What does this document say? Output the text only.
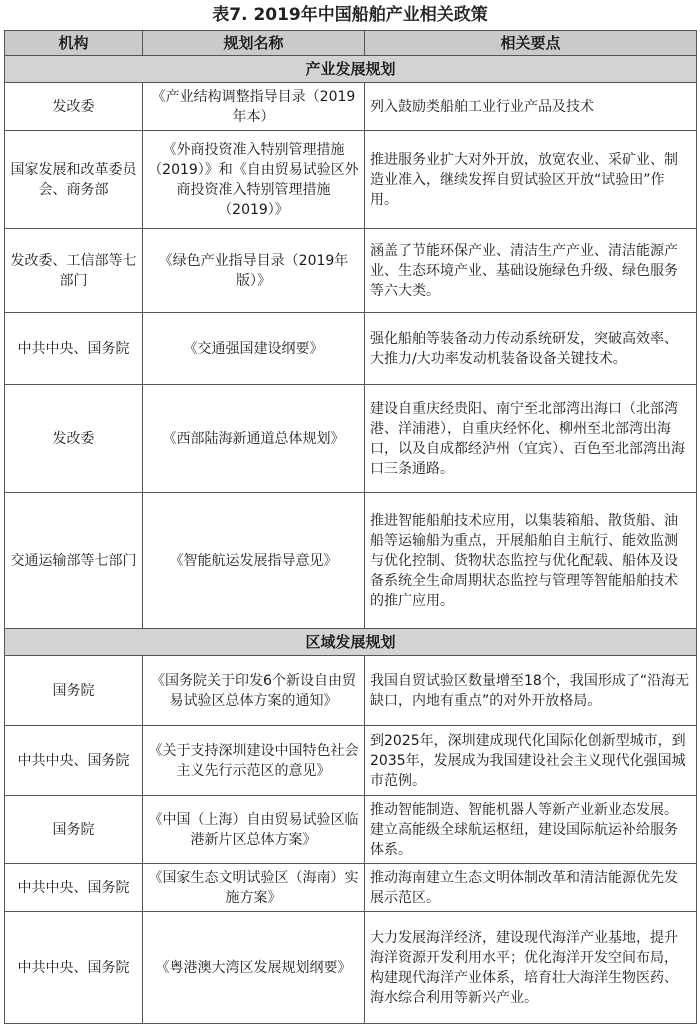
表7. 2019年中国船舶产业相关政策
机构	规划名称	相关要点
产业发展规划		
发改委	《产业结构调整指导目录（2019年本）	列入鼓励类船舶工业行业产品及技术
国家发展和改革委员会、商务部	《外商投资准入特别管理措施（2019）》和《自由贸易试验区外商投资准入特别管理措施（2019）》	推进服务业扩大对外开放，放宽农业、采矿业、制造业准入，继续发挥自贸试验区开放“试验田”作用。
发改委、工信部等七部门	《绿色产业指导目录（2019年版）》	涵盖了节能环保产业、清洁生产产业、清洁能源产业、生态环境产业、基础设施绿色升级、绿色服务等六大类。
中共中央、国务院	《交通强国建设纲要》	强化船舶等装备动力传动系统研发，突破高效率、大推力/大功率发动机装备设备关键技术。
发改委	《西部陆海新通道总体规划》	建设自重庆经贵阳、南宁至北部湾出海口（北部湾港、洋浦港），自重庆经怀化、柳州至北部湾出海口，以及自成都经泸州（宜宾）、百色至北部湾出海口三条通路。
交通运输部等七部门	《智能航运发展指导意见》	推进智能船舶技术应用，以集装箱船、散货船、油船等运输船为重点，开展船舶自主航行、能效监测与优化控制、货物状态监控与优化配载、船体及设备系统全生命周期状态监控与管理等智能船舶技术的推广应用。
区域发展规划		
国务院	《国务院关于印发6个新设自由贸易试验区总体方案的通知》	我国自贸试验区数量增至18个，我国形成了“沿海无缺口，内地有重点”的对外开放格局。
中共中央、国务院	《关于支持深圳建设中国特色社会主义先行示范区的意见》	到2025年，深圳建成现代化国际化创新型城市，到2035年，发展成为我国建设社会主义现代化强国城市范例。
国务院	《中国（上海）自由贸易试验区临港新片区总体方案》	推动智能制造、智能机器人等新产业新业态发展。建立高能级全球航运枢纽，建设国际航运补给服务体系。
中共中央、国务院	《国家生态文明试验区（海南）实施方案》	推动海南建立生态文明体制改革和清洁能源优先发展示范区。
中共中央、国务院	《粤港澳大湾区发展规划纲要》	大力发展海洋经济，建设现代海洋产业基地，提升海洋资源开发利用水平；优化海洋开发空间布局，构建现代海洋产业体系，培育壮大海洋生物医药、海水综合利用等新兴产业。
